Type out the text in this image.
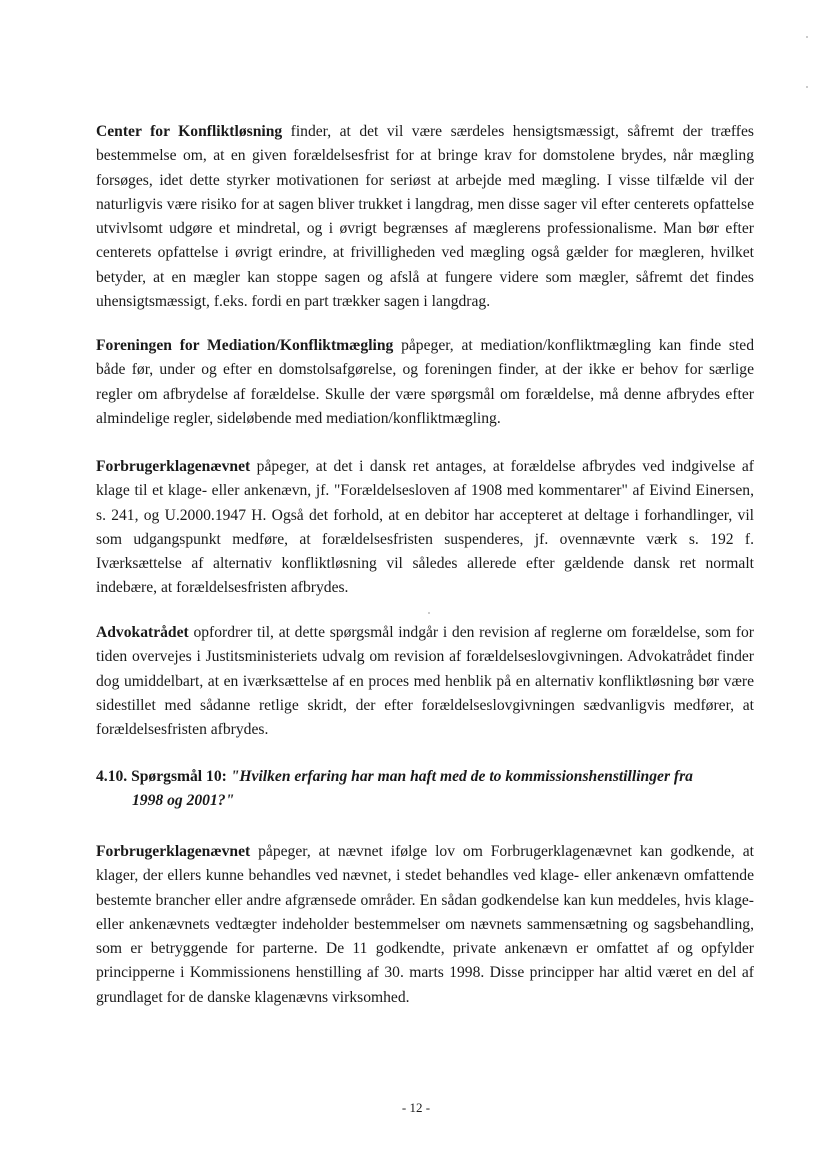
Center for Konfliktløsning finder, at det vil være særdeles hensigtsmæssigt, såfremt der træffes bestemmelse om, at en given forældelsesfrist for at bringe krav for domstolene brydes, når mægling forsøges, idet dette styrker motivationen for seriøst at arbejde med mægling. I visse tilfælde vil der naturligvis være risiko for at sagen bliver trukket i langdrag, men disse sager vil efter centerets opfattelse utvivlsomt udgøre et mindretal, og i øvrigt begrænses af mæglerens professionalisme. Man bør efter centerets opfattelse i øvrigt erindre, at frivilligheden ved mægling også gælder for mægleren, hvilket betyder, at en mægler kan stoppe sagen og afslå at fungere videre som mægler, såfremt det findes uhensigtsmæssigt, f.eks. fordi en part trækker sagen i langdrag.

Foreningen for Mediation/Konfliktmægling påpeger, at mediation/konfliktmægling kan finde sted både før, under og efter en domstolsafgørelse, og foreningen finder, at der ikke er behov for særlige regler om afbrydelse af forældelse. Skulle der være spørgsmål om forældelse, må denne afbrydes efter almindelige regler, sideløbende med mediation/konfliktmægling.

Forbrugerklagenævnet påpeger, at det i dansk ret antages, at forældelse afbrydes ved indgivelse af klage til et klage- eller ankenævn, jf. "Forældelsesloven af 1908 med kommentarer" af Eivind Einersen, s. 241, og U.2000.1947 H. Også det forhold, at en debitor har accepteret at deltage i forhandlinger, vil som udgangspunkt medføre, at forældelsesfristen suspenderes, jf. ovennævnte værk s. 192 f. Iværksættelse af alternativ konfliktløsning vil således allerede efter gældende dansk ret normalt indebære, at forældelsesfristen afbrydes.

Advokatrådet opfordrer til, at dette spørgsmål indgår i den revision af reglerne om forældelse, som for tiden overvejes i Justitsministeriets udvalg om revision af forældelseslovgivningen. Advokatrådet finder dog umiddelbart, at en iværksættelse af en proces med henblik på en alternativ konfliktløsning bør være sidestillet med sådanne retlige skridt, der efter forældelseslovgivningen sædvanligvis medfører, at forældelsesfristen afbrydes.

4.10. Spørgsmål 10: "Hvilken erfaring har man haft med de to kommissionshenstillinger fra
1998 og 2001?"

Forbrugerklagenævnet påpeger, at nævnet ifølge lov om Forbrugerklagenævnet kan godkende, at klager, der ellers kunne behandles ved nævnet, i stedet behandles ved klage- eller ankenævn omfattende bestemte brancher eller andre afgrænsede områder. En sådan godkendelse kan kun meddeles, hvis klage- eller ankenævnets vedtægter indeholder bestemmelser om nævnets sammensætning og sagsbehandling, som er betryggende for parterne. De 11 godkendte, private ankenævn er omfattet af og opfylder principperne i Kommissionens henstilling af 30. marts 1998. Disse principper har altid været en del af grundlaget for de danske klagenævns virksomhed.

- 12 -
